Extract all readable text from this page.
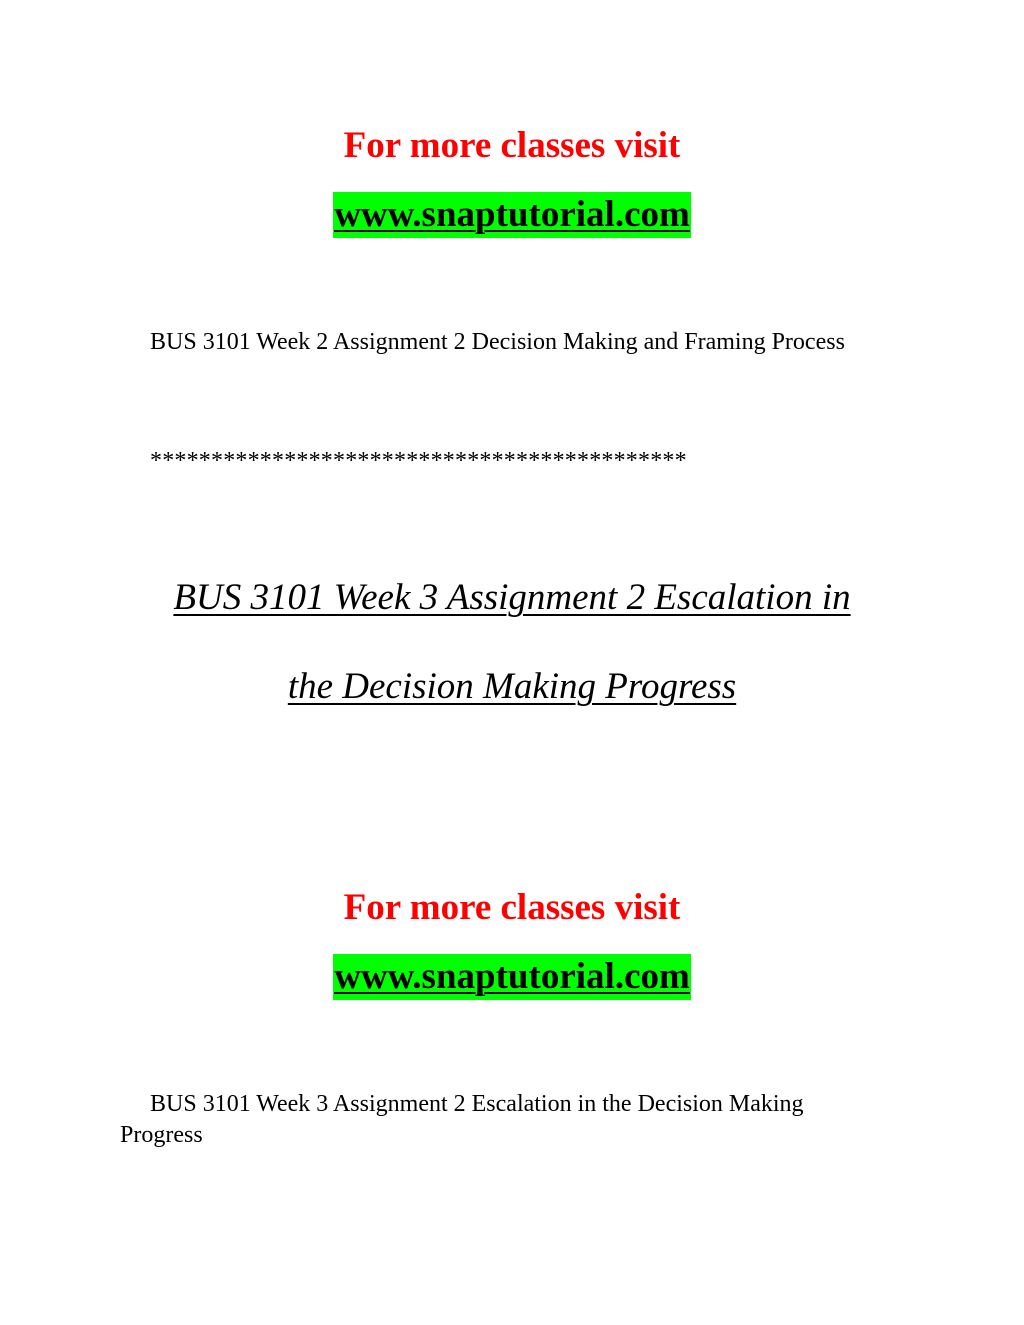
For more classes visit

www.snaptutorial.com

BUS 3101 Week 2 Assignment 2 Decision Making and Framing Process

********************************************

BUS 3101 Week 3 Assignment 2 Escalation in

the Decision Making Progress

For more classes visit

www.snaptutorial.com

BUS 3101 Week 3 Assignment 2 Escalation in the Decision Making Progress
